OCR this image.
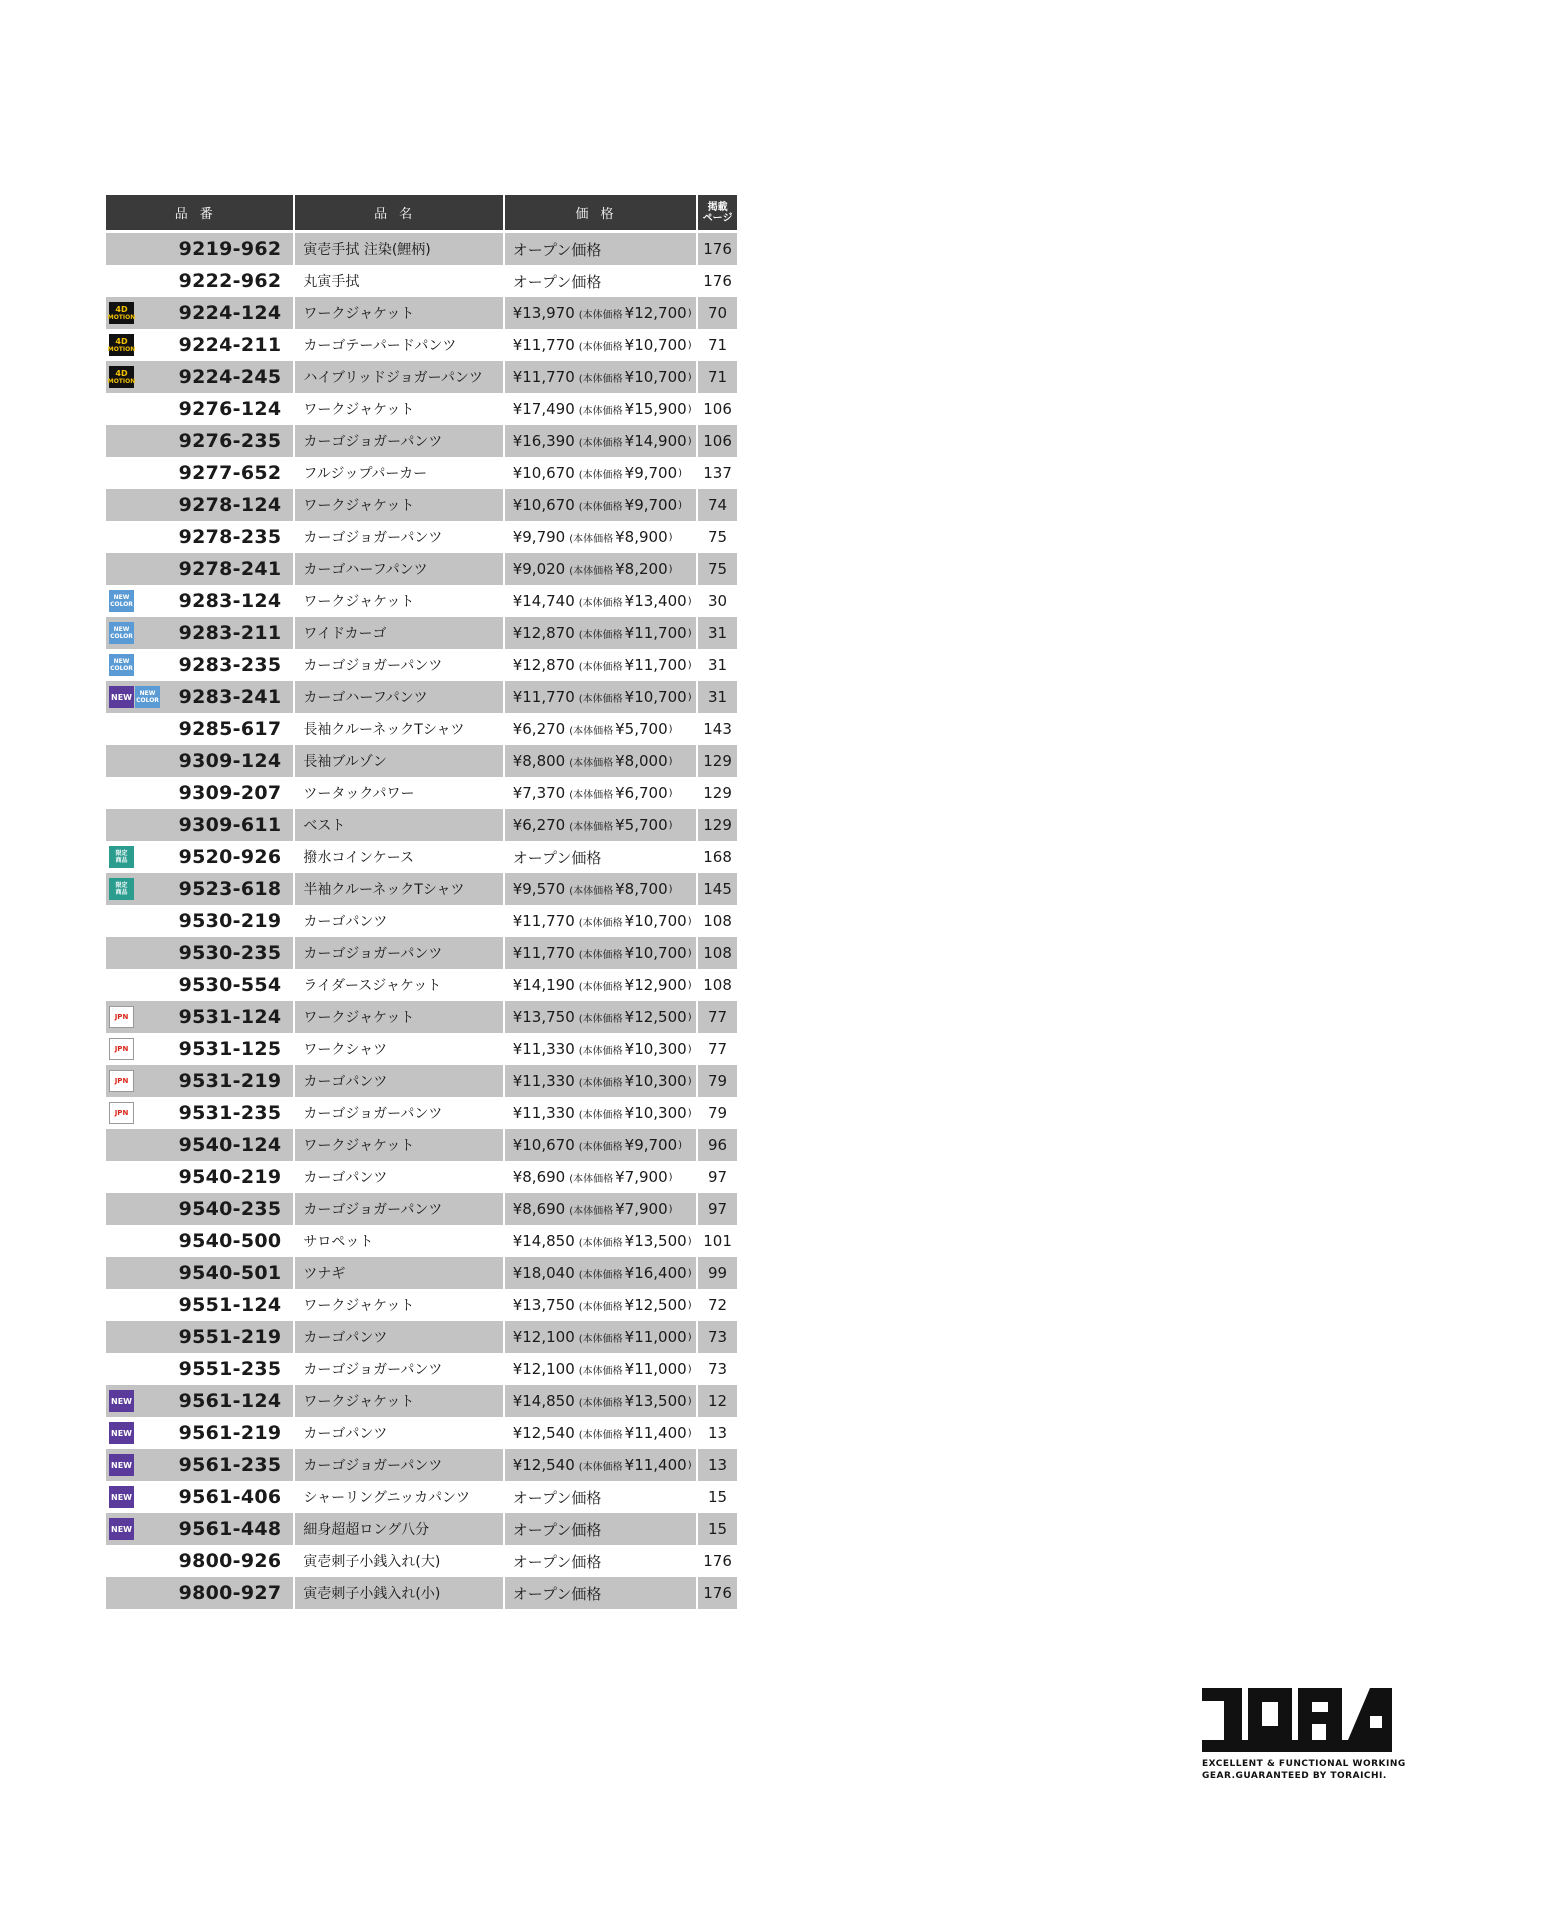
品番	品名	価格	掲載
ページ
9219-962	寅壱手拭 注染(鯉柄)	オープン価格	176
9222-962	丸寅手拭	オープン価格	176
4D
MOTION 9224-124	ワークジャケット	¥13,970 (本体価格 ¥12,700 )	70
4D
MOTION 9224-211	カーゴテーパードパンツ	¥11,770 (本体価格 ¥10,700 )	71
4D
MOTION 9224-245	ハイブリッドジョガーパンツ ¥11,770 (本体価格 ¥10,700 )	71
9276-124	ワークジャケット	¥17,490 (本体価格 ¥15,900 ) 106
9276-235	カーゴジョガーパンツ	¥16,390 (本体価格 ¥14,900 ) 106
9277-652	フルジップパーカー	¥10,670 (本体価格 ¥9,700 )	137
9278-124	ワークジャケット	¥10,670 (本体価格 ¥9,700 )	74
9278-235	カーゴジョガーパンツ	¥9,790 (本体価格 ¥8,900 )	75
9278-241	カーゴハーフパンツ	¥9,020 (本体価格 ¥8,200 )	75
NEW
COLOR 9283-124	ワークジャケット	¥14,740 (本体価格 ¥13,400 )	30
NEW
COLOR 9283-211	ワイドカーゴ	¥12,870 (本体価格 ¥11,700 )	31
NEW
COLOR 9283-235	カーゴジョガーパンツ	¥12,870 (本体価格 ¥11,700 )	31
NEW NEW
COLOR 9283-241	カーゴハーフパンツ	¥11,770 (本体価格 ¥10,700 )	31
9285-617	長袖クルーネックTシャツ	¥6,270 (本体価格 ¥5,700 )	143
9309-124	長袖ブルゾン	¥8,800 (本体価格 ¥8,000 )	129
9309-207	ツータックパワー	¥7,370 (本体価格 ¥6,700 )	129
9309-611	ベスト	¥6,270 (本体価格 ¥5,700 )	129
限定
商品	9520-926	撥水コインケース	オープン価格	168
限定
商品	9523-618	半袖クルーネックTシャツ	¥9,570 (本体価格 ¥8,700 )	145
9530-219	カーゴパンツ	¥11,770 (本体価格 ¥10,700 ) 108
9530-235	カーゴジョガーパンツ	¥11,770 (本体価格 ¥10,700 ) 108
9530-554	ライダースジャケット	¥14,190 (本体価格 ¥12,900 ) 108
JPN	9531-124	ワークジャケット	¥13,750 (本体価格 ¥12,500 )	77
JPN	9531-125	ワークシャツ	¥11,330 (本体価格 ¥10,300 )	77
JPN	9531-219	カーゴパンツ	¥11,330 (本体価格 ¥10,300 )	79
JPN	9531-235	カーゴジョガーパンツ	¥11,330 (本体価格 ¥10,300 )	79
9540-124	ワークジャケット	¥10,670 (本体価格 ¥9,700 )	96
9540-219	カーゴパンツ	¥8,690 (本体価格 ¥7,900 )	97
9540-235	カーゴジョガーパンツ	¥8,690 (本体価格 ¥7,900 )	97
9540-500	サロペット	¥14,850 (本体価格 ¥13,500 ) 101
9540-501	ツナギ	¥18,040 (本体価格 ¥16,400 )	99
9551-124	ワークジャケット	¥13,750 (本体価格 ¥12,500 )	72
9551-219	カーゴパンツ	¥12,100 (本体価格 ¥11,000 )	73
9551-235	カーゴジョガーパンツ	¥12,100 (本体価格 ¥11,000 )	73
NEW 9561-124	ワークジャケット	¥14,850 (本体価格 ¥13,500 )	12
NEW 9561-219	カーゴパンツ	¥12,540 (本体価格 ¥11,400 )	13
NEW 9561-235	カーゴジョガーパンツ	¥12,540 (本体価格 ¥11,400 )	13
NEW 9561-406	シャーリングニッカパンツ	オープン価格	15
NEW 9561-448	細身超超ロング八分	オープン価格	15
9800-926	寅壱刺子小銭入れ(大)	オープン価格	176
9800-927	寅壱刺子小銭入れ(小)	オープン価格	176
EXCELLENT & FUNCTIONAL WORKING
GEAR.GUARANTEED BY TORAICHI.
